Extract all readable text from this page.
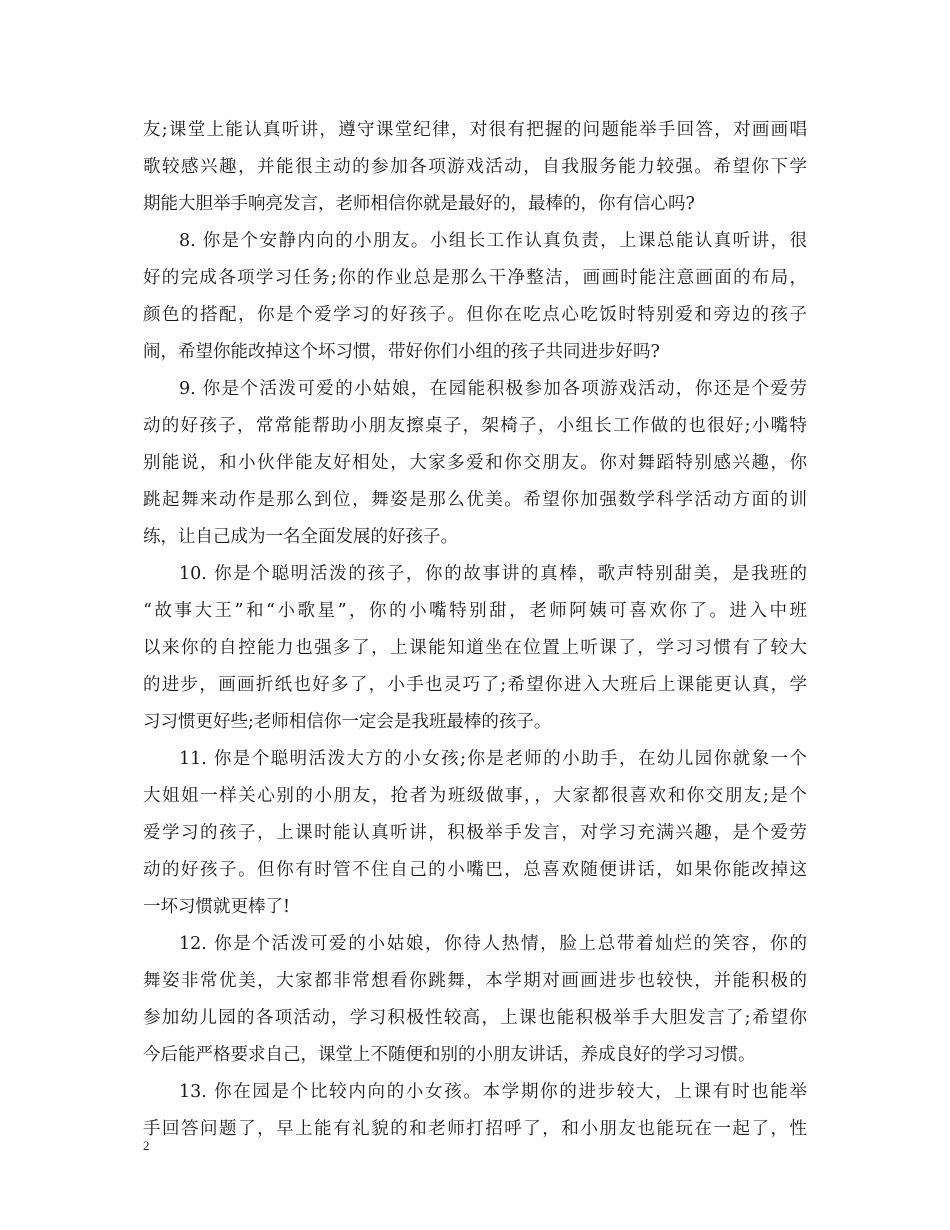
友;课堂上能认真听讲，遵守课堂纪律，对很有把握的问题能举手回答，对画画唱
歌较感兴趣，并能很主动的参加各项游戏活动，自我服务能力较强。希望你下学
期能大胆举手响亮发言，老师相信你就是最好的，最棒的，你有信心吗?
8. 你是个安静内向的小朋友。小组长工作认真负责，上课总能认真听讲，很
好的完成各项学习任务;你的作业总是那么干净整洁，画画时能注意画面的布局，
颜色的搭配，你是个爱学习的好孩子。但你在吃点心吃饭时特别爱和旁边的孩子
闹，希望你能改掉这个坏习惯，带好你们小组的孩子共同进步好吗?
9. 你是个活泼可爱的小姑娘，在园能积极参加各项游戏活动，你还是个爱劳
动的好孩子，常常能帮助小朋友擦桌子，架椅子，小组长工作做的也很好;小嘴特
别能说，和小伙伴能友好相处，大家多爱和你交朋友。你对舞蹈特别感兴趣，你
跳起舞来动作是那么到位，舞姿是那么优美。希望你加强数学科学活动方面的训
练，让自己成为一名全面发展的好孩子。
10. 你是个聪明活泼的孩子，你的故事讲的真棒，歌声特别甜美，是我班的
“故事大王”和“小歌星”，你的小嘴特别甜，老师阿姨可喜欢你了。进入中班
以来你的自控能力也强多了，上课能知道坐在位置上听课了，学习习惯有了较大
的进步，画画折纸也好多了，小手也灵巧了;希望你进入大班后上课能更认真，学
习习惯更好些;老师相信你一定会是我班最棒的孩子。
11. 你是个聪明活泼大方的小女孩;你是老师的小助手，在幼儿园你就象一个
大姐姐一样关心别的小朋友，抢者为班级做事，，大家都很喜欢和你交朋友;是个
爱学习的孩子，上课时能认真听讲，积极举手发言，对学习充满兴趣，是个爱劳
动的好孩子。但你有时管不住自己的小嘴巴，总喜欢随便讲话，如果你能改掉这
一坏习惯就更棒了!
12. 你是个活泼可爱的小姑娘，你待人热情，脸上总带着灿烂的笑容，你的
舞姿非常优美，大家都非常想看你跳舞，本学期对画画进步也较快，并能积极的
参加幼儿园的各项活动，学习积极性较高，上课也能积极举手大胆发言了;希望你
今后能严格要求自己，课堂上不随便和别的小朋友讲话，养成良好的学习习惯。
13. 你在园是个比较内向的小女孩。本学期你的进步较大，上课有时也能举
手回答问题了，早上能有礼貌的和老师打招呼了，和小朋友也能玩在一起了，性
2
